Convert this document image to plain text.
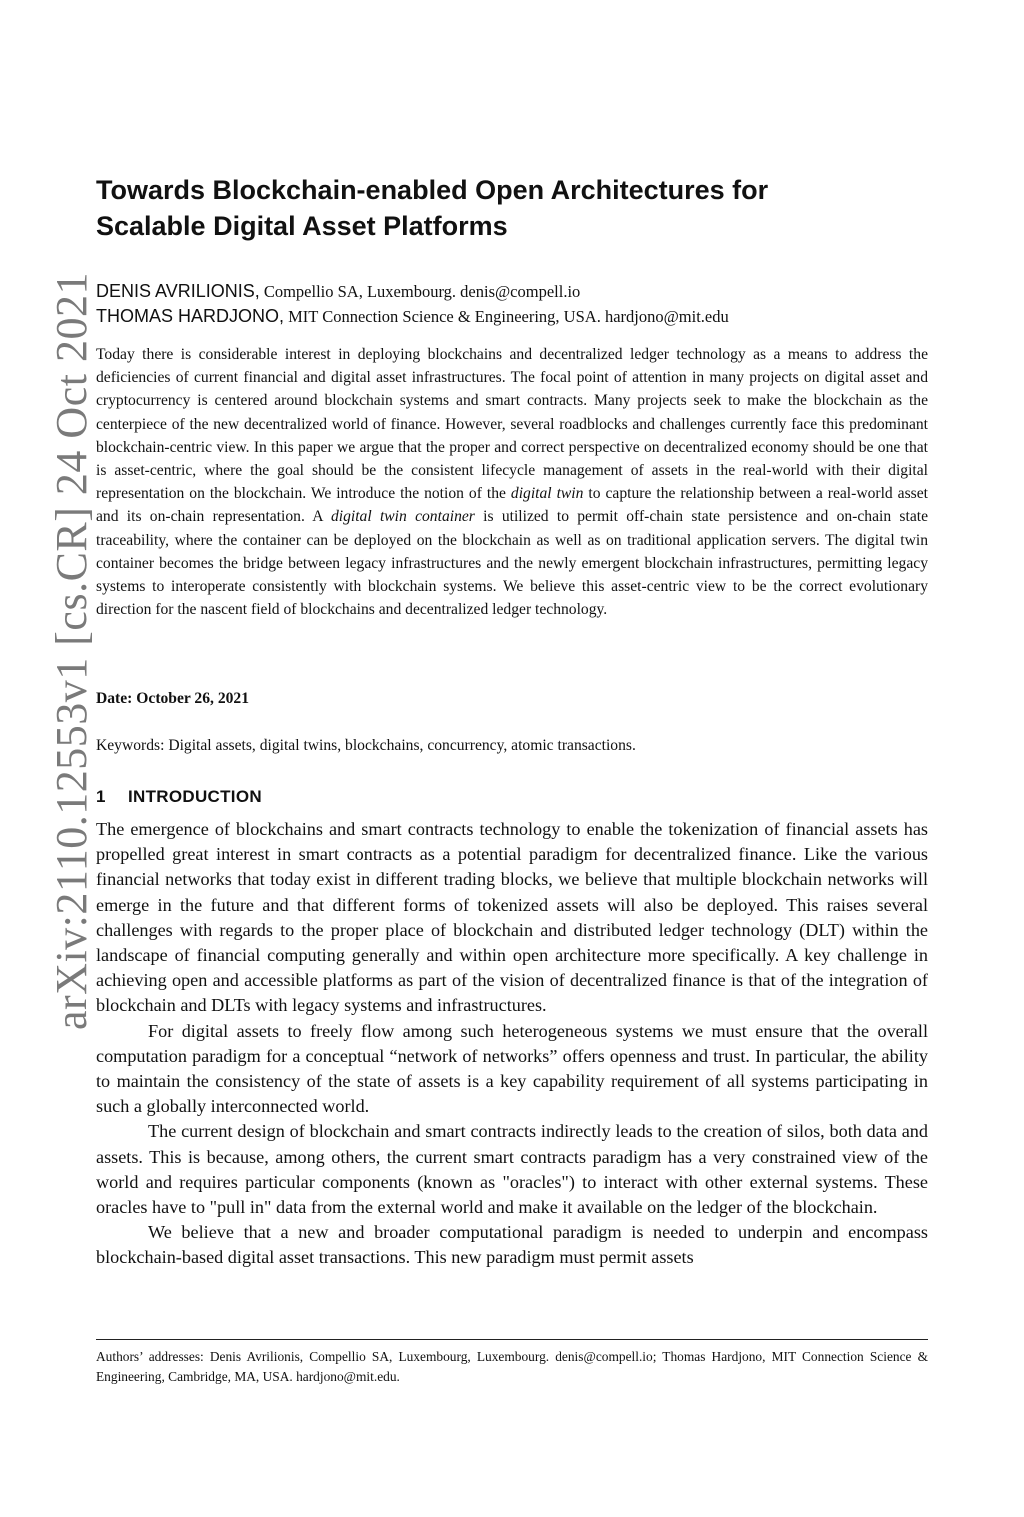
arXiv:2110.12553v1 [cs.CR] 24 Oct 2021
Towards Blockchain-enabled Open Architectures for Scalable Digital Asset Platforms
DENIS AVRILIONIS, Compellio SA, Luxembourg. denis@compell.io
THOMAS HARDJONO, MIT Connection Science & Engineering, USA. hardjono@mit.edu

Today there is considerable interest in deploying blockchains and decentralized ledger technology as a means to address the deficiencies of current financial and digital asset infrastructures. The focal point of attention in many projects on digital asset and cryptocurrency is centered around blockchain systems and smart contracts. Many projects seek to make the blockchain as the centerpiece of the new decentralized world of finance. However, several roadblocks and challenges currently face this predominant blockchain-centric view. In this paper we argue that the proper and correct perspective on decentralized economy should be one that is asset-centric, where the goal should be the consistent lifecycle management of assets in the real-world with their digital representation on the blockchain. We introduce the notion of the digital twin to capture the relationship between a real-world asset and its on-chain representation. A digital twin container is utilized to permit off-chain state persistence and on-chain state traceability, where the container can be deployed on the blockchain as well as on traditional application servers. The digital twin container becomes the bridge between legacy infrastructures and the newly emergent blockchain infrastructures, permitting legacy systems to interoperate consistently with blockchain systems. We believe this asset-centric view to be the correct evolutionary direction for the nascent field of blockchains and decentralized ledger technology.

Date: October 26, 2021
Keywords: Digital assets, digital twins, blockchains, concurrency, atomic transactions.
1 INTRODUCTION

The emergence of blockchains and smart contracts technology to enable the tokenization of financial assets has propelled great interest in smart contracts as a potential paradigm for decentralized finance. Like the various financial networks that today exist in different trading blocks, we believe that multiple blockchain networks will emerge in the future and that different forms of tokenized assets will also be deployed. This raises several challenges with regards to the proper place of blockchain and distributed ledger technology (DLT) within the landscape of financial computing generally and within open architecture more specifically. A key challenge in achieving open and accessible platforms as part of the vision of decentralized finance is that of the integration of blockchain and DLTs with legacy systems and infrastructures.

For digital assets to freely flow among such heterogeneous systems we must ensure that the overall computation paradigm for a conceptual “network of networks” offers openness and trust. In particular, the ability to maintain the consistency of the state of assets is a key capability requirement of all systems participating in such a globally interconnected world.

The current design of blockchain and smart contracts indirectly leads to the creation of silos, both data and assets. This is because, among others, the current smart contracts paradigm has a very constrained view of the world and requires particular components (known as "oracles") to interact with other external systems. These oracles have to "pull in" data from the external world and make it available on the ledger of the blockchain.

We believe that a new and broader computational paradigm is needed to underpin and encompass blockchain-based digital asset transactions. This new paradigm must permit assets

Authors’ addresses: Denis Avrilionis, Compellio SA, Luxembourg, Luxembourg. denis@compell.io; Thomas Hardjono, MIT Connection Science & Engineering, Cambridge, MA, USA. hardjono@mit.edu.
